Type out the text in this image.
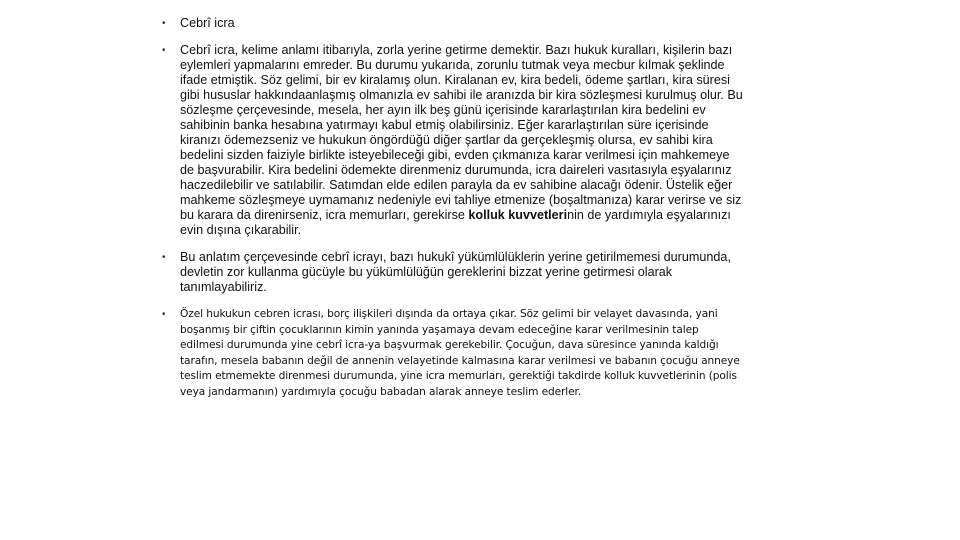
• Cebrî icra
• Cebrî icra, kelime anlamı itibarıyla, zorla yerine getirme demektir. Bazı hukuk kuralları, kişilerin bazı eylemleri yapmalarını emreder. Bu durumu yukarıda, zorunlu tutmak veya mecbur kılmak şeklinde ifade etmiştik. Söz gelimi, bir ev kiralamış olun. Kiralanan ev, kira bedeli, ödeme şartları, kira süresi gibi hususlar hakkındaanlaşmış olmanızla ev sahibi ile aranızda bir kira sözleşmesi kurulmuş olur. Bu sözleşme çerçevesinde, mesela, her ayın ilk beş günü içerisinde kararlaştırılan kira bedelini ev sahibinin banka hesabına yatırmayı kabul etmiş olabilirsiniz. Eğer kararlaştırılan süre içerisinde kiranızı ödemezseniz ve hukukun öngördüğü diğer şartlar da gerçekleşmiş olursa, ev sahibi kira bedelini sizden faiziyle birlikte isteyebileceği gibi, evden çıkmanıza karar verilmesi için mahkemeye de başvurabilir. Kira bedelini ödemekte direnmeniz durumunda, icra daireleri vasıtasıyla eşyalarınız haczedilebilir ve satılabilir. Satımdan elde edilen parayla da ev sahibine alacağı ödenir. Üstelik eğer mahkeme sözleşmeye uymamanız nedeniyle evi tahliye etmenize (boşaltmanıza) karar verirse ve siz bu karara da direnirseniz, icra memurları, gerekirse kolluk kuvvetlerinin de yardımıyla eşyalarınızı evin dışına çıkarabilir.
• Bu anlatım çerçevesinde cebrî icrayı, bazı hukukî yükümlülüklerin yerine getirilmemesi durumunda, devletin zor kullanma gücüyle bu yükümlülüğün gereklerini bizzat yerine getirmesi olarak tanımlayabiliriz.
• Özel hukukun cebren icrası, borç ilişkileri dışında da ortaya çıkar. Söz gelimi bir velayet davasında, yani boşanmış bir çiftin çocuklarının kimin yanında yaşamaya devam edeceğine karar verilmesinin talep edilmesi durumunda yine cebrî icra-ya başvurmak gerekebilir. Çocuğun, dava süresince yanında kaldığı tarafın, mesela babanın değil de annenin velayetinde kalmasına karar verilmesi ve babanın çocuğu anneye teslim etmemekte direnmesi durumunda, yine icra memurları, gerektiği takdirde kolluk kuvvetlerinin (polis veya jandarmanın) yardımıyla çocuğu babadan alarak anneye teslim ederler.
